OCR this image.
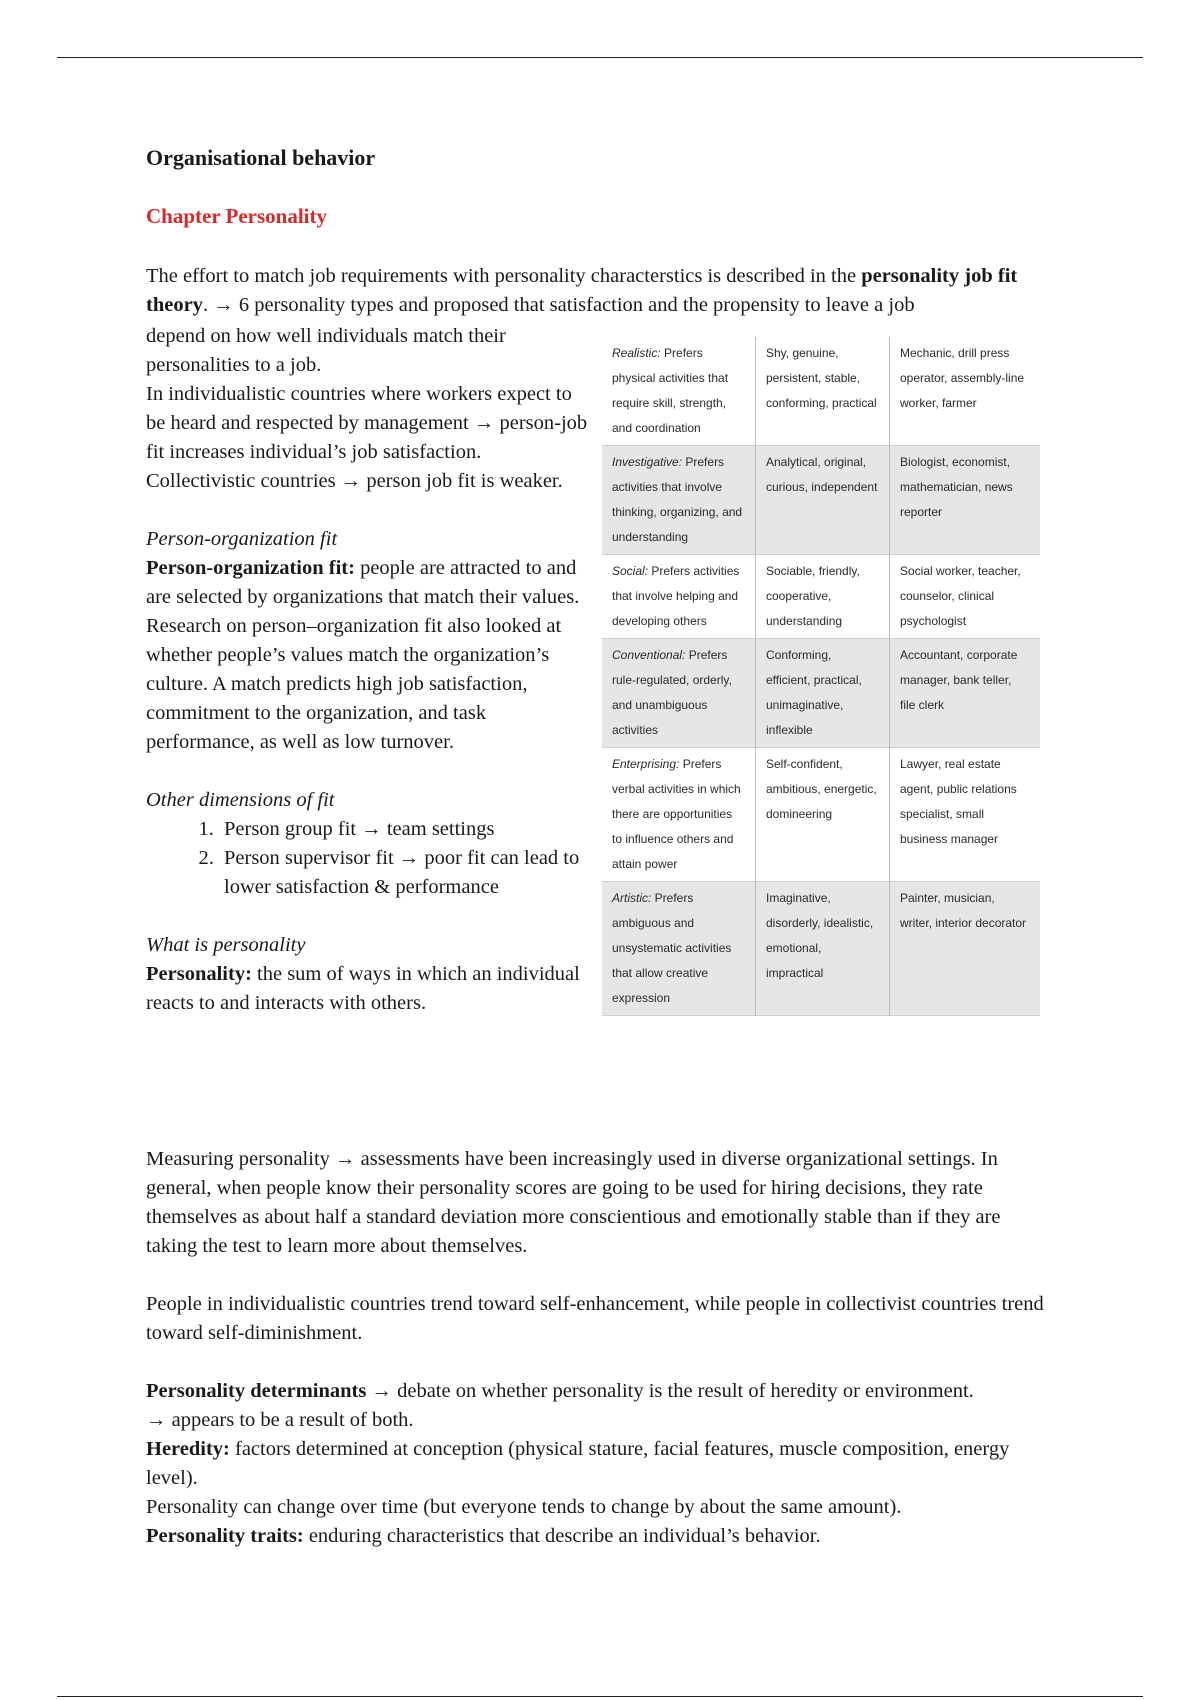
Organisational behavior
Chapter Personality
The effort to match job requirements with personality characterstics is described in the personality job fit theory. → 6 personality types and proposed that satisfaction and the propensity to leave a job

depend on how well individuals match their personalities to a job.

In individualistic countries where workers expect to be heard and respected by management → person-job fit increases individual’s job satisfaction.

Collectivistic countries → person job fit is weaker.

Person-organization fit

Person-organization fit: people are attracted to and are selected by organizations that match their values.

Research on person–organization fit also looked at whether people’s values match the organization’s culture. A match predicts high job satisfaction, commitment to the organization, and task performance, as well as low turnover.

Other dimensions of fit

1. Person group fit → team settings
2. Person supervisor fit → poor fit can lead to lower satisfaction & performance

What is personality

Personality: the sum of ways in which an individual reacts to and interacts with others.

Measuring personality → assessments have been increasingly used in diverse organizational settings. In general, when people know their personality scores are going to be used for hiring decisions, they rate themselves as about half a standard deviation more conscientious and emotionally stable than if they are taking the test to learn more about themselves.

People in individualistic countries trend toward self-enhancement, while people in collectivist countries trend toward self-diminishment.

Personality determinants → debate on whether personality is the result of heredity or environment.

→ appears to be a result of both.

Heredity: factors determined at conception (physical stature, facial features, muscle composition, energy level).

Personality can change over time (but everyone tends to change by about the same amount).

Personality traits: enduring characteristics that describe an individual’s behavior.

Realistic: Prefers physical activities that require skill, strength, and coordination	Shy, genuine, persistent, stable, conforming, practical	Mechanic, drill press operator, assembly-line worker, farmer
Investigative: Prefers activities that involve thinking, organizing, and understanding	Analytical, original, curious, independent	Biologist, economist, mathematician, news reporter
Social: Prefers activities that involve helping and developing others	Sociable, friendly, cooperative, understanding	Social worker, teacher, counselor, clinical psychologist
Conventional: Prefers rule-regulated, orderly, and unambiguous activities	Conforming, efficient, practical, unimaginative, inflexible	Accountant, corporate manager, bank teller, file clerk
Enterprising: Prefers verbal activities in which there are opportunities to influence others and attain power	Self-confident, ambitious, energetic, domineering	Lawyer, real estate agent, public relations specialist, small business manager
Artistic: Prefers ambiguous and unsystematic activities that allow creative expression	Imaginative, disorderly, idealistic, emotional, impractical	Painter, musician, writer, interior decorator
